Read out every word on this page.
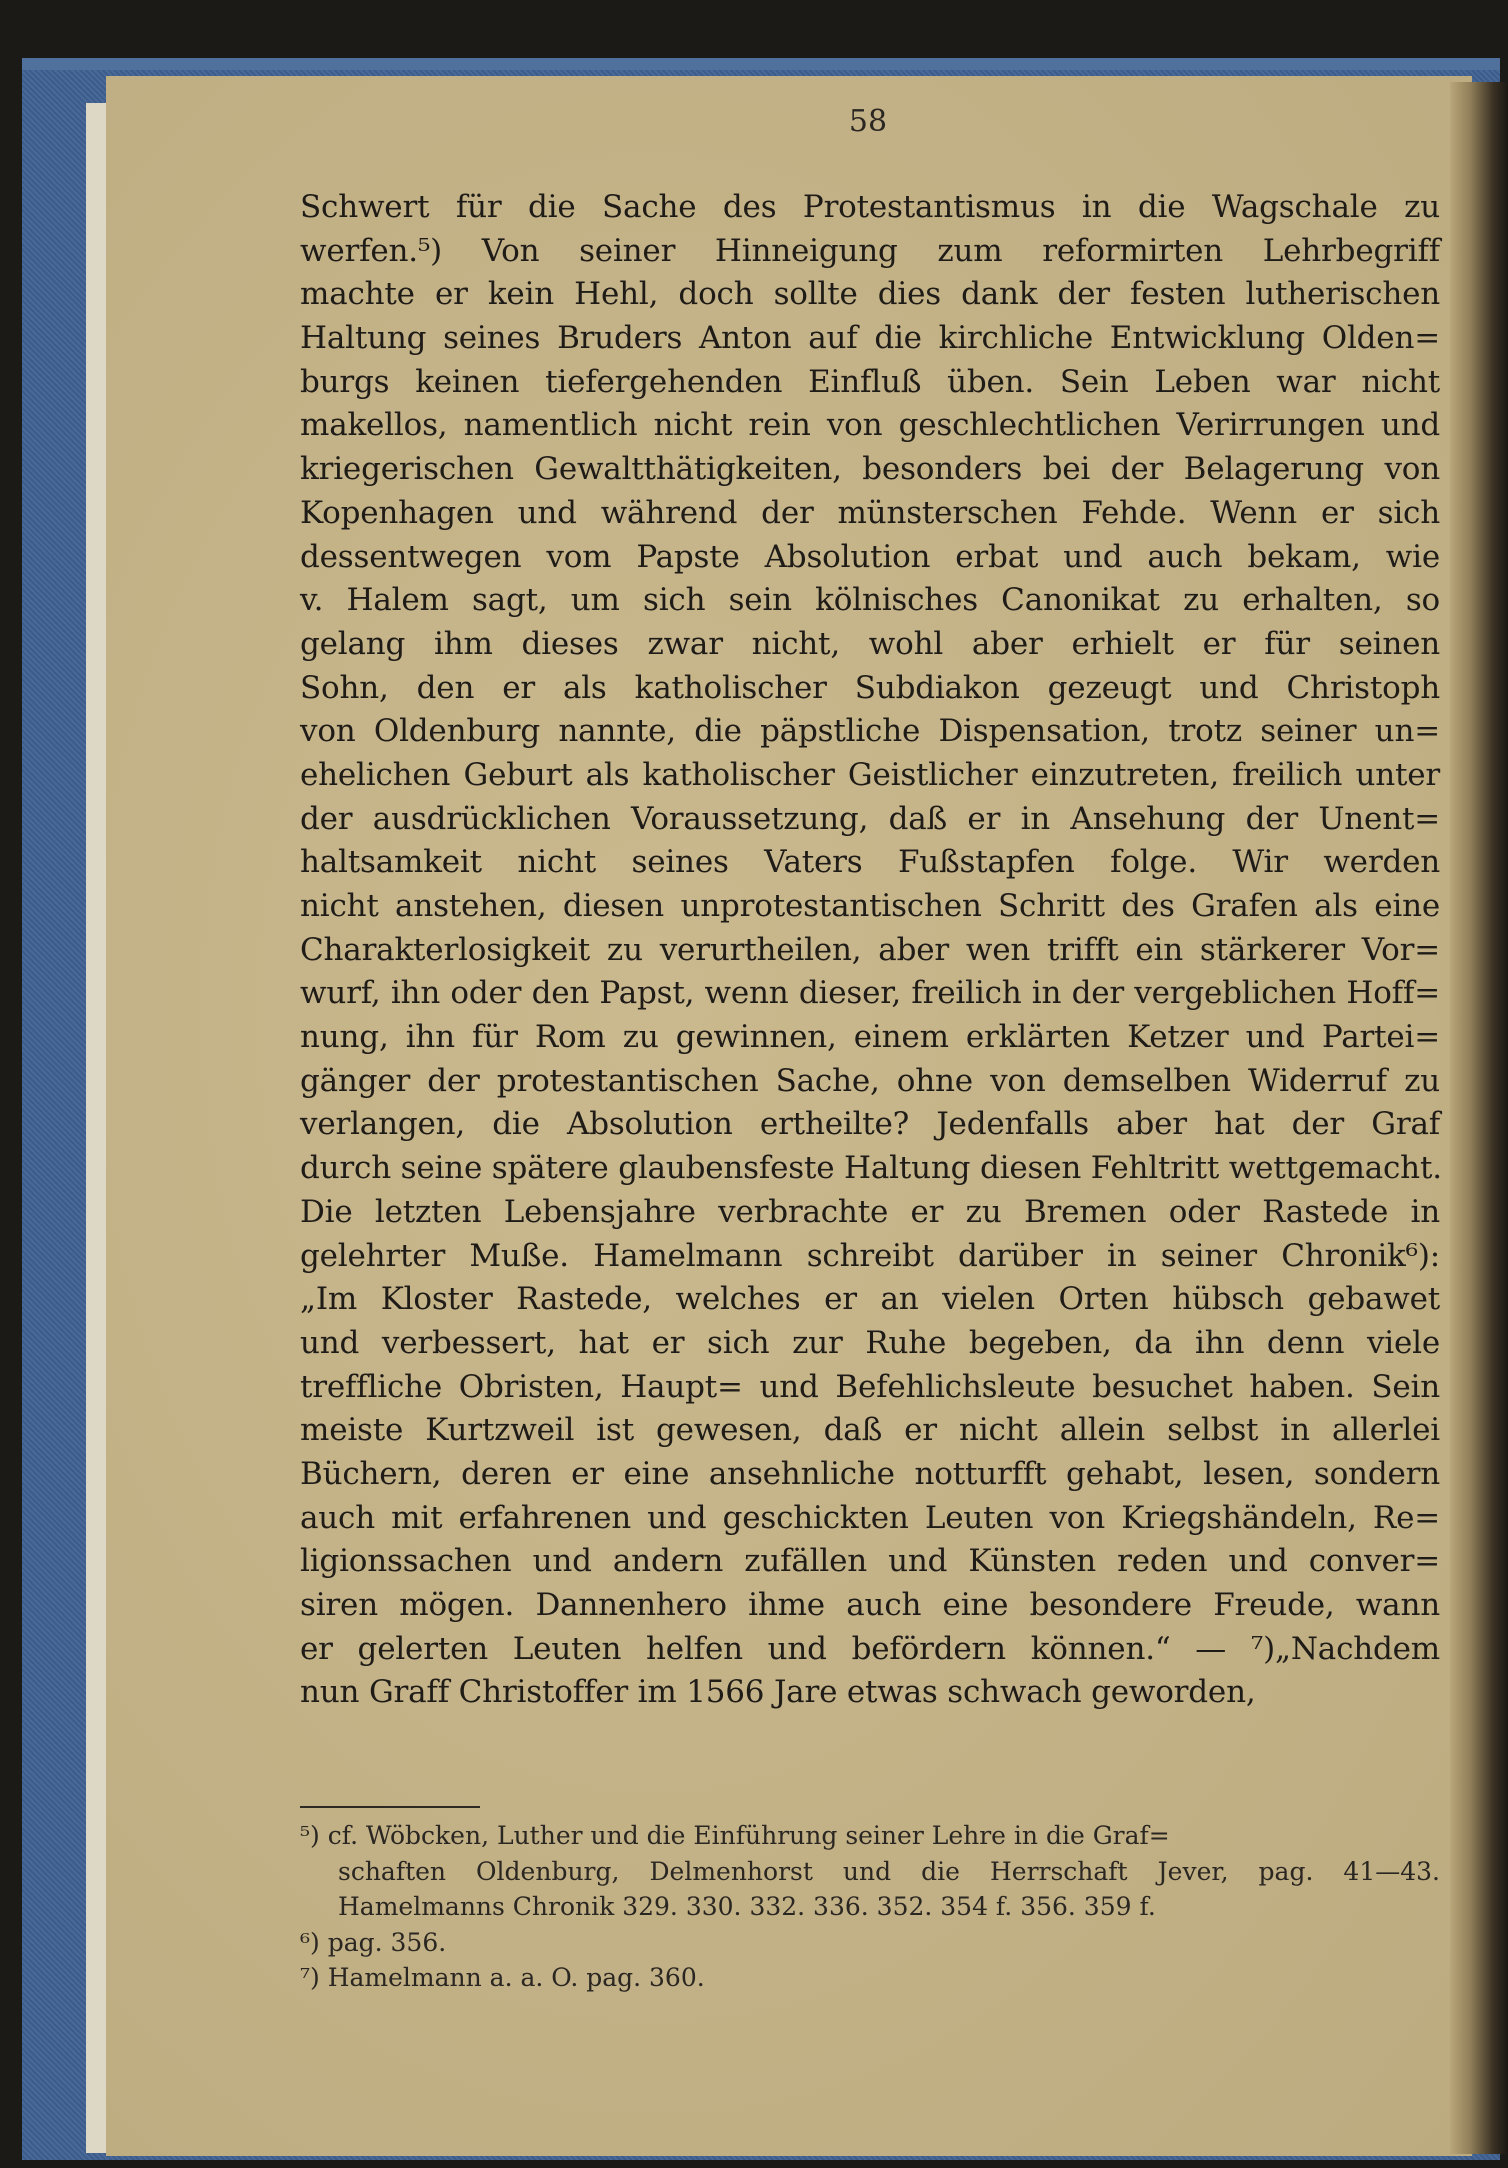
58
Schwert für die Sache des Protestantismus in die Wagschale zu
werfen.⁵) Von seiner Hinneigung zum reformirten Lehrbegriff
machte er kein Hehl, doch sollte dies dank der festen lutherischen
Haltung seines Bruders Anton auf die kirchliche Entwicklung Olden=
burgs keinen tiefergehenden Einfluß üben. Sein Leben war nicht
makellos, namentlich nicht rein von geschlechtlichen Verirrungen und
kriegerischen Gewaltthätigkeiten, besonders bei der Belagerung von
Kopenhagen und während der münsterschen Fehde. Wenn er sich
dessentwegen vom Papste Absolution erbat und auch bekam, wie
v. Halem sagt, um sich sein kölnisches Canonikat zu erhalten, so
gelang ihm dieses zwar nicht, wohl aber erhielt er für seinen
Sohn, den er als katholischer Subdiakon gezeugt und Christoph
von Oldenburg nannte, die päpstliche Dispensation, trotz seiner un=
ehelichen Geburt als katholischer Geistlicher einzutreten, freilich unter
der ausdrücklichen Voraussetzung, daß er in Ansehung der Unent=
haltsamkeit nicht seines Vaters Fußstapfen folge. Wir werden
nicht anstehen, diesen unprotestantischen Schritt des Grafen als eine
Charakterlosigkeit zu verurtheilen, aber wen trifft ein stärkerer Vor=
wurf, ihn oder den Papst, wenn dieser, freilich in der vergeblichen Hoff=
nung, ihn für Rom zu gewinnen, einem erklärten Ketzer und Partei=
gänger der protestantischen Sache, ohne von demselben Widerruf zu
verlangen, die Absolution ertheilte? Jedenfalls aber hat der Graf
durch seine spätere glaubensfeste Haltung diesen Fehltritt wettgemacht.
Die letzten Lebensjahre verbrachte er zu Bremen oder Rastede in
gelehrter Muße. Hamelmann schreibt darüber in seiner Chronik⁶):
„Im Kloster Rastede, welches er an vielen Orten hübsch gebawet
und verbessert, hat er sich zur Ruhe begeben, da ihn denn viele
treffliche Obristen, Haupt= und Befehlichsleute besuchet haben. Sein
meiste Kurtzweil ist gewesen, daß er nicht allein selbst in allerlei
Büchern, deren er eine ansehnliche notturfft gehabt, lesen, sondern
auch mit erfahrenen und geschickten Leuten von Kriegshändeln, Re=
ligionssachen und andern zufällen und Künsten reden und conver=
siren mögen. Dannenhero ihme auch eine besondere Freude, wann
er gelerten Leuten helfen und befördern können.“ — ⁷)„Nachdem
nun Graff Christoffer im 1566 Jare etwas schwach geworden,
⁵) cf. Wöbcken, Luther und die Einführung seiner Lehre in die Graf=
schaften Oldenburg, Delmenhorst und die Herrschaft Jever, pag. 41—43.
Hamelmanns Chronik 329. 330. 332. 336. 352. 354 f. 356. 359 f.
⁶) pag. 356.
⁷) Hamelmann a. a. O. pag. 360.
